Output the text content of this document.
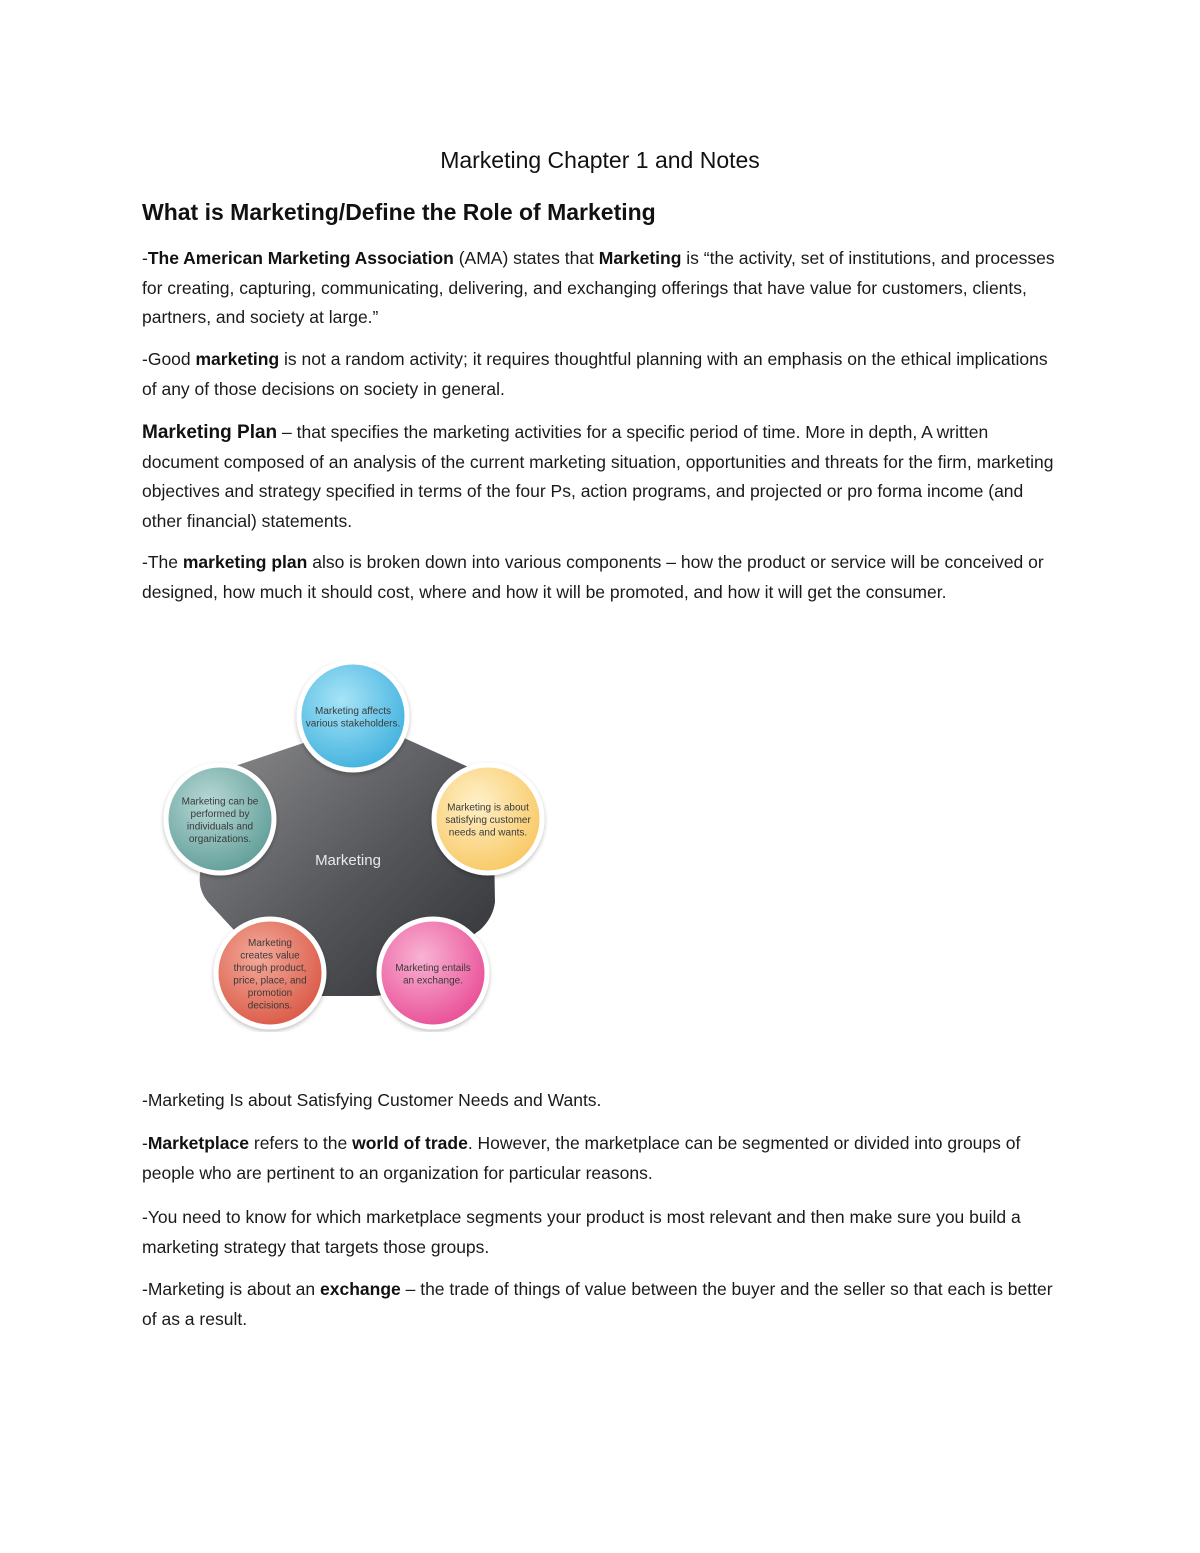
Marketing Chapter 1 and Notes
What is Marketing/Define the Role of Marketing

-The American Marketing Association (AMA) states that Marketing is “the activity, set of institutions, and processes for creating, capturing, communicating, delivering, and exchanging offerings that have value for customers, clients, partners, and society at large.”

-Good marketing is not a random activity; it requires thoughtful planning with an emphasis on the ethical implications of any of those decisions on society in general.

Marketing Plan – that specifies the marketing activities for a specific period of time. More in depth, A written document composed of an analysis of the current marketing situation, opportunities and threats for the firm, marketing objectives and strategy specified in terms of the four Ps, action programs, and projected or pro forma income (and other financial) statements.

-The marketing plan also is broken down into various components – how the product or service will be conceived or designed, how much it should cost, where and how it will be promoted, and how it will get the consumer.

Marketing
Marketing affects
various stakeholders.
Marketing is about
satisfying customer
needs and wants.
Marketing entails
an exchange.
Marketing
creates value
through product,
price, place, and
promotion
decisions.
Marketing can be
performed by
individuals and
organizations.

-Marketing Is about Satisfying Customer Needs and Wants.

-Marketplace refers to the world of trade. However, the marketplace can be segmented or divided into groups of people who are pertinent to an organization for particular reasons.

-You need to know for which marketplace segments your product is most relevant and then make sure you build a marketing strategy that targets those groups.

-Marketing is about an exchange – the trade of things of value between the buyer and the seller so that each is better of as a result.
